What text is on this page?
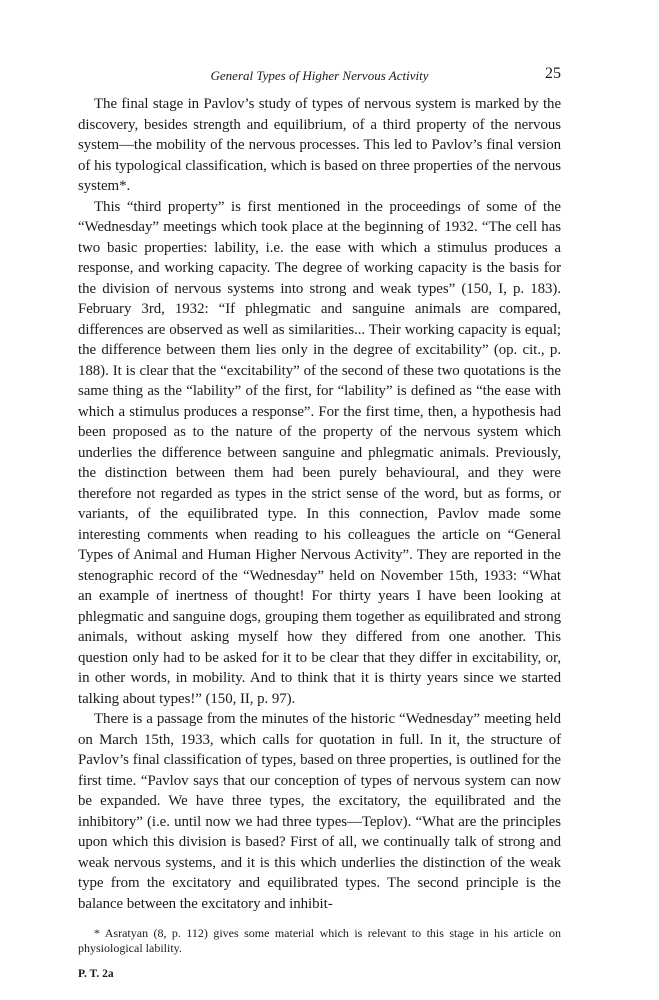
General Types of Higher Nervous Activity	25

The final stage in Pavlov’s study of types of nervous system is marked by the discovery, besides strength and equilibrium, of a third property of the nervous system—the mobility of the nervous processes. This led to Pavlov’s final version of his typological classification, which is based on three properties of the nervous system*.

This “third property” is first mentioned in the proceedings of some of the “Wednesday” meetings which took place at the beginning of 1932. “The cell has two basic properties: lability, i.e. the ease with which a stimulus produces a response, and working capacity. The degree of working capacity is the basis for the division of nervous systems into strong and weak types” (150, I, p. 183). February 3rd, 1932: “If phlegmatic and sanguine animals are compared, differences are observed as well as similarities... Their working capacity is equal; the difference between them lies only in the degree of excitability” (op. cit., p. 188). It is clear that the “excitability” of the second of these two quotations is the same thing as the “lability” of the first, for “lability” is defined as “the ease with which a stimulus produces a response”. For the first time, then, a hypothesis had been proposed as to the nature of the property of the nervous system which underlies the difference between sanguine and phlegmatic animals. Previously, the distinction between them had been purely behavioural, and they were therefore not regarded as types in the strict sense of the word, but as forms, or variants, of the equilibrated type. In this connection, Pavlov made some interesting comments when reading to his colleagues the article on “General Types of Animal and Human Higher Nervous Activity”. They are reported in the stenographic record of the “Wednesday” held on November 15th, 1933: “What an example of inertness of thought! For thirty years I have been looking at phlegmatic and sanguine dogs, grouping them together as equilibrated and strong animals, without asking myself how they differed from one another. This question only had to be asked for it to be clear that they differ in excitability, or, in other words, in mobility. And to think that it is thirty years since we started talking about types!” (150, II, p. 97).

There is a passage from the minutes of the historic “Wednesday” meeting held on March 15th, 1933, which calls for quotation in full. In it, the structure of Pavlov’s final classification of types, based on three properties, is outlined for the first time. “Pavlov says that our conception of types of nervous system can now be expanded. We have three types, the excitatory, the equilibrated and the inhibitory” (i.e. until now we had three types—Teplov). “What are the principles upon which this division is based? First of all, we continually talk of strong and weak nervous systems, and it is this which underlies the distinction of the weak type from the excitatory and equilibrated types. The second principle is the balance between the excitatory and inhibit-

* Asratyan (8, p. 112) gives some material which is relevant to this stage in his article on physiological lability.
P. T. 2a
